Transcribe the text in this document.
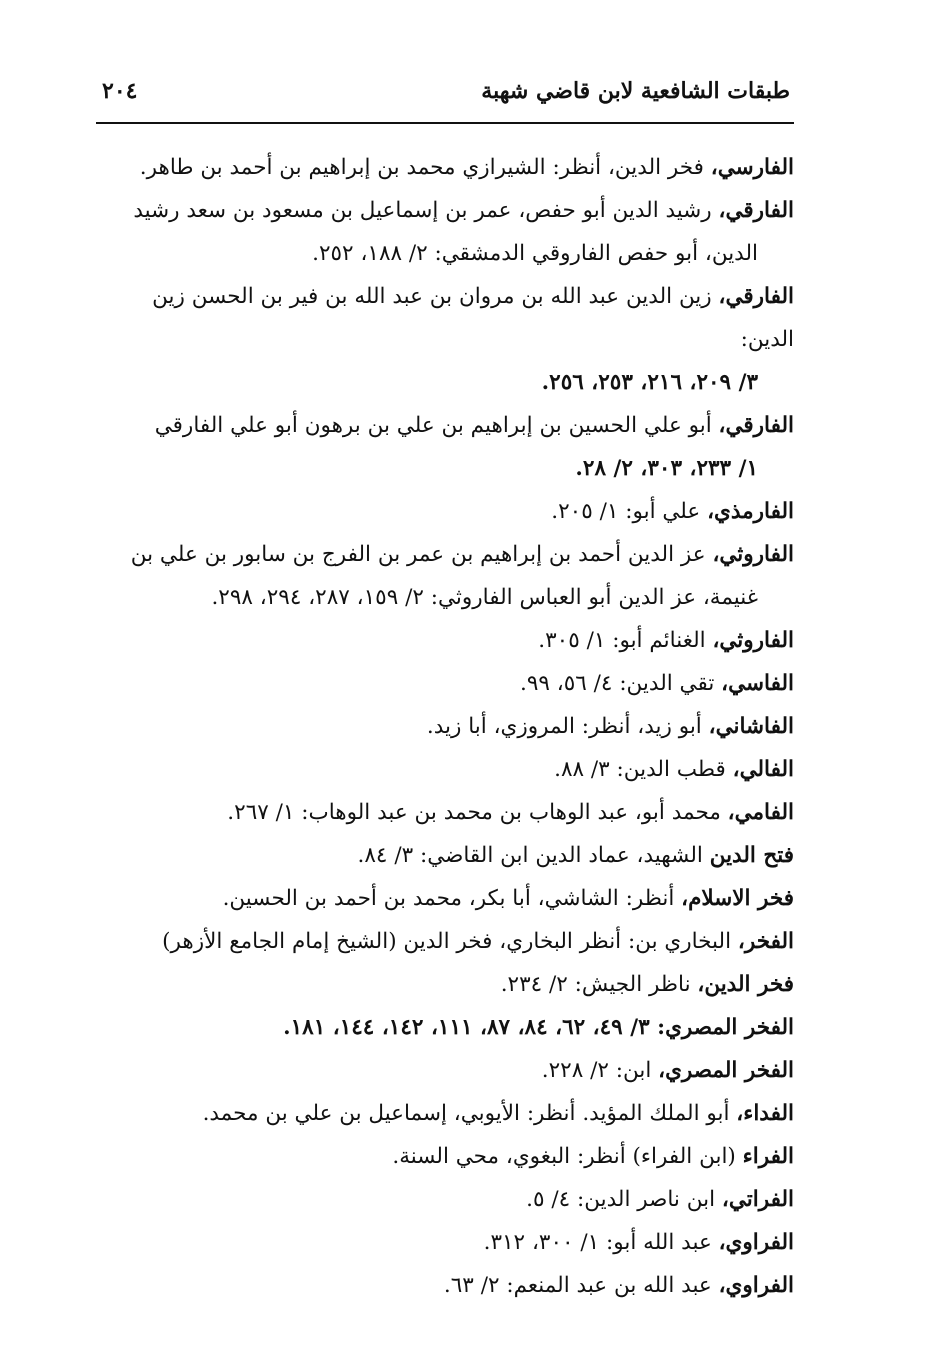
٢٠٤	طبقات الشافعية لابن قاضي شهبة

الفارسي، فخر الدين، أنظر: الشيرازي محمد بن إبراهيم بن أحمد بن طاهر.

الفارقي، رشيد الدين أبو حفص، عمر بن إسماعيل بن مسعود بن سعد رشيد
الدين، أبو حفص الفاروقي الدمشقي: ٢/ ١٨٨، ٢٥٢.

الفارقي، زين الدين عبد الله بن مروان بن عبد الله بن فير بن الحسن زين الدين:
٣/ ٢٠٩، ٢١٦، ٢٥٣، ٢٥٦.

الفارقي، أبو علي الحسين بن إبراهيم بن علي بن برهون أبو علي الفارقي
١/ ٢٣٣، ٣٠٣، ٢/ ٢٨.

الفارمذي، علي أبو: ١/ ٢٠٥.

الفاروثي، عز الدين أحمد بن إبراهيم بن عمر بن الفرج بن سابور بن علي بن
غنيمة، عز الدين أبو العباس الفاروثي: ٢/ ١٥٩، ٢٨٧، ٢٩٤، ٢٩٨.

الفاروثي، الغنائم أبو: ١/ ٣٠٥.

الفاسي، تقي الدين: ٤/ ٥٦، ٩٩.

الفاشاني، أبو زيد، أنظر: المروزي، أبا زيد.

الفالي، قطب الدين: ٣/ ٨٨.

الفامي، محمد أبو، عبد الوهاب بن محمد بن عبد الوهاب: ١/ ٢٦٧.

فتح الدين الشهيد، عماد الدين ابن القاضي: ٣/ ٨٤.

فخر الاسلام، أنظر: الشاشي، أبا بكر، محمد بن أحمد بن الحسين.

الفخر، البخاري بن: أنظر البخاري، فخر الدين (الشيخ إمام الجامع الأزهر)

فخر الدين، ناظر الجيش: ٢/ ٢٣٤.

الفخر المصري: ٣/ ٤٩، ٦٢، ٨٤، ٨٧، ١١١، ١٤٢، ١٤٤، ١٨١.

الفخر المصري، ابن: ٢/ ٢٢٨.

الفداء، أبو الملك المؤيد. أنظر: الأيوبي، إسماعيل بن علي بن محمد.

الفراء (ابن الفراء) أنظر: البغوي، محي السنة.

الفراتي، ابن ناصر الدين: ٤/ ٥.

الفراوي، عبد الله أبو: ١/ ٣٠٠، ٣١٢.

الفراوي، عبد الله بن عبد المنعم: ٢/ ٦٣.
